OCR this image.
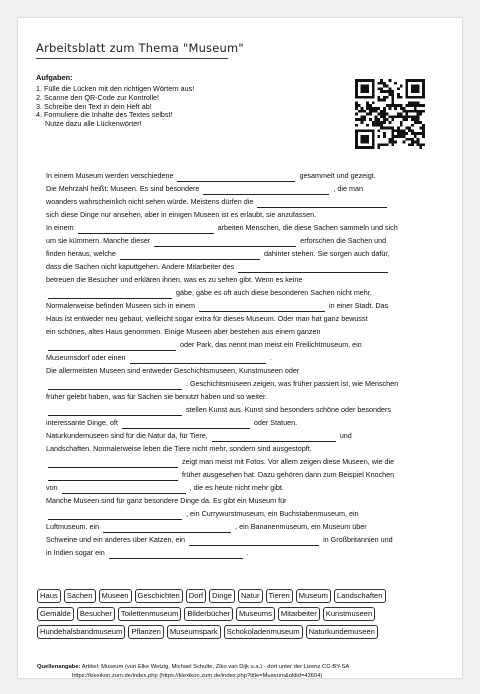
Arbeitsblatt zum Thema "Museum"
Aufgaben:
1. Fülle die Lücken mit den richtigen Wörtern aus!
2. Scanne den QR-Code zur Kontrolle!
3. Schreibe den Text in dein Heft ab!
4. Formuliere die Inhalte des Textes selbst!
Nutze dazu alle Lückenwörter!
In einem Museum werden verschiedene	gesammelt und gezeigt.
Die Mehrzahl heißt: Museen. Es sind besondere	, die man
woanders wahrscheinlich nicht sehen würde. Meistens dürfen die
sich diese Dinge nur ansehen, aber in einigen Museen ist es erlaubt, sie anzufassen.
In einem	arbeiten Menschen, die diese Sachen sammeln und sich
um sie kümmern. Manche dieser	erforschen die Sachen und
finden heraus, welche	dahinter stehen. Sie sorgen auch dafür,
dass die Sachen nicht kaputtgehen. Andere Mitarbeiter des
betreuen die Besucher und erklären ihnen, was es zu sehen gibt. Wenn es keine
gäbe, gäbe es oft auch diese besonderen Sachen nicht mehr.
Normalerweise befinden Museen sich in einem	in einer Stadt. Das
Haus ist entweder neu gebaut, vielleicht sogar extra für dieses Museum. Oder man hat ganz bewusst
ein schönes, altes Haus genommen. Einige Museen aber bestehen aus einem ganzen
oder Park, das nennt man meist ein Freilichtmuseum, ein
Museumsdorf oder einen	.
Die allermeisten Museen sind entweder Geschichtsmuseen, Kunstmuseen oder
. Geschichtsmuseen zeigen, was früher passiert ist, wie Menschen
früher gelebt haben, was für Sachen sie benutzt haben und so weiter.
stellen Kunst aus. Kunst sind besonders schöne oder besonders
interessante Dinge, oft	oder Statuen.
Naturkundemuseen sind für die Natur da, für Tiere,	und
Landschaften. Normalerweise leben die Tiere nicht mehr, sondern sind ausgestopft.
zeigt man meist mit Fotos. Vor allem zeigen diese Museen, wie die
früher ausgesehen hat. Dazu gehören dann zum Beispiel Knochen
von	, die es heute nicht mehr gibt.
Manche Museen sind für ganz besondere Dinge da. Es gibt ein Museum für
, ein Currywurstmuseum, ein Buchstabenmuseum, ein
Luftmuseum, ein	, ein Bananenmuseum, ein Museum über
Schweine und ein anderes über Katzen, ein	in Großbritannien und
in Indien sogar ein	.
Haus	Sachen	Museen	Geschichten	Dorf	Dinge	Natur	Tieren	Museum	Landschaften
Gemälde	Besucher	Toilettenmuseum	Bilderbücher	Museums	Mitarbeiter	Kunstmuseen
Hundehalsbandmuseum	Pflanzen	Museumspark	Schokoladenmuseum	Naturkundemuseen
Quellenangabe: Artikel: Museum (von Elke Wetzig, Michael Schulte, Ziko van Dijk u.a.) - dort unter der Lizenz CC-BY-SA
https://klexikon.zum.de/index.php (https://klexikon.zum.de/index.php?title=Museum&oldid=43604)
